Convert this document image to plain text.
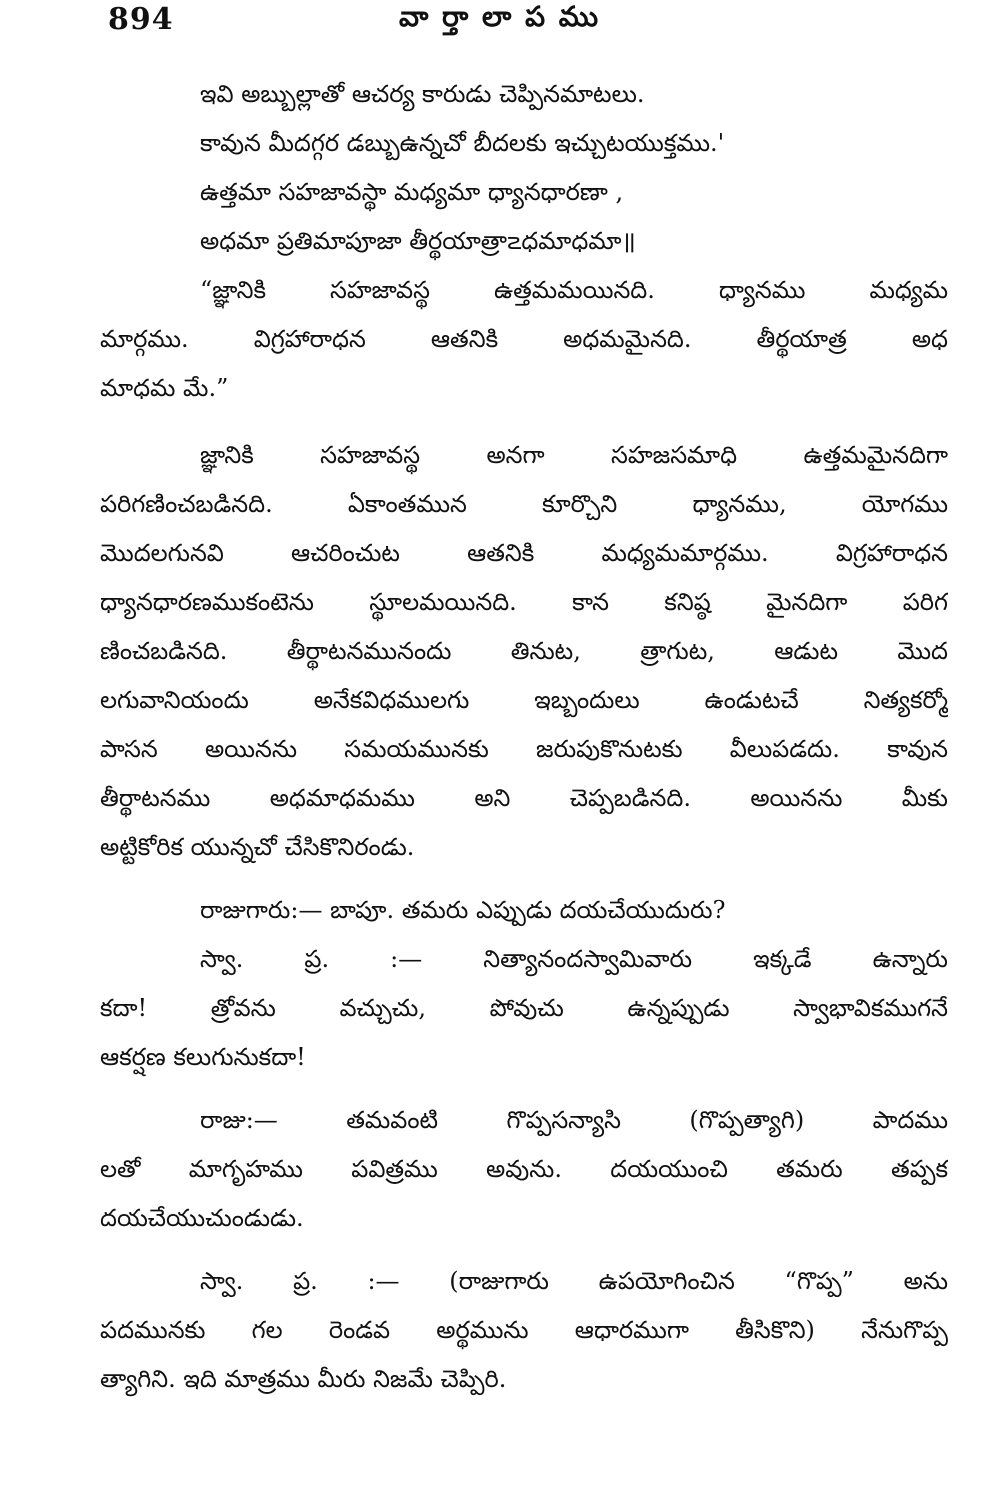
894	వా ర్తా లా ప ము
ఇవి అబ్బుల్లాతో ఆచర్య కారుడు చెప్పినమాటలు.
కావున మీదగ్గర డబ్బుఉన్నచో బీదలకు ఇచ్చుటయుక్తము.'
ఉత్తమా సహజావస్థా మధ్యమా ధ్యానధారణా ,
అధమా ప్రతిమాపూజా తీర్థయాత్రా౽ధమాధమా॥
“జ్ఞానికి సహజావస్థ ఉత్తమమయినది. ధ్యానము మధ్యమ
మార్గము. విగ్రహారాధన ఆతనికి అధమమైనది. తీర్థయాత్ర అధ
మాధమ మే.”
జ్ఞానికి సహజావస్థ అనగా సహజసమాధి ఉత్తమమైనదిగా
పరిగణించబడినది. ఏకాంతమున కూర్చొని ధ్యానము, యోగము
మొదలగునవి ఆచరించుట ఆతనికి మధ్యమమార్గము. విగ్రహారాధన
ధ్యానధారణముకంటెను స్థూలమయినది. కాన కనిష్ఠ మైనదిగా పరిగ
ణించబడినది. తీర్థాటనమునందు తినుట, త్రాగుట, ఆడుట మొద
లగువానియందు అనేకవిధములగు ఇబ్బందులు ఉండుటచే నిత్యకర్మో
పాసన అయినను సమయమునకు జరుపుకొనుటకు వీలుపడదు. కావున
తీర్థాటనము అధమాధమము అని చెప్పబడినది. అయినను మీకు
అట్టికోరిక యున్నచో చేసికొనిరండు.
రాజుగారు:— బాపూ. తమరు ఎప్పుడు దయచేయుదురు?
స్వా. ప్ర. :— నిత్యానందస్వామివారు ఇక్కడే ఉన్నారు
కదా! త్రోవను వచ్చుచు, పోవుచు ఉన్నప్పుడు స్వాభావికముగనే
ఆకర్షణ కలుగునుకదా!
రాజు:— తమవంటి గొప్పసన్యాసి (గొప్పత్యాగి) పాదము
లతో మాగృహము పవిత్రము అవును. దయయుంచి తమరు తప్పక
దయచేయుచుండుడు.
స్వా. ప్ర. :— (రాజుగారు ఉపయోగించిన “గొప్ప” అను
పదమునకు గల రెండవ అర్థమును ఆధారముగా తీసికొని) నేనుగొప్ప
త్యాగిని. ఇది మాత్రము మీరు నిజమే చెప్పిరి.
